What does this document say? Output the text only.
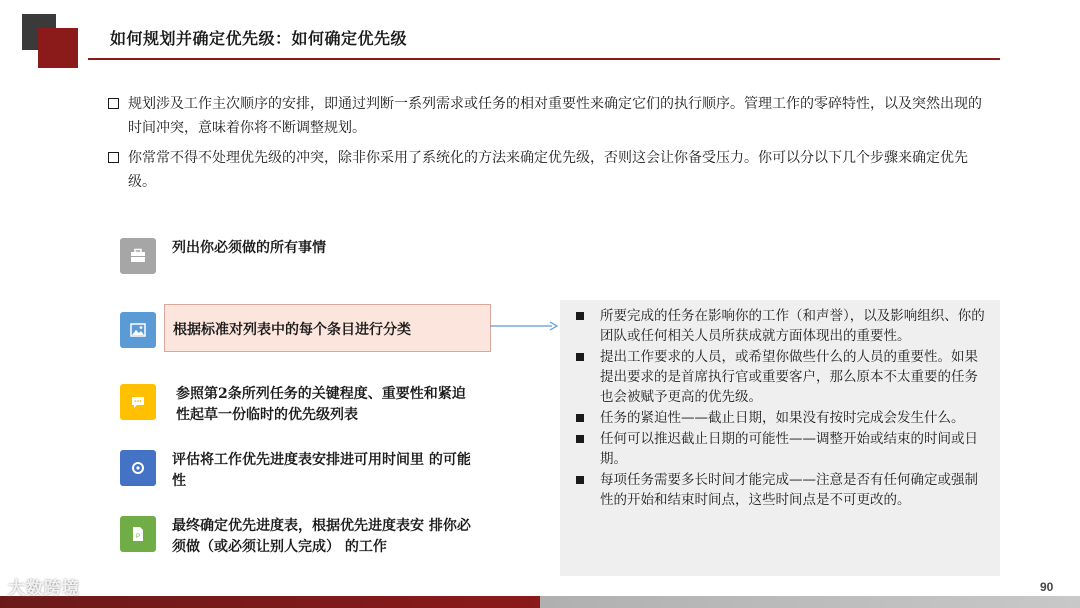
如何规划并确定优先级：如何确定优先级
规划涉及工作主次顺序的安排，即通过判断一系列需求或任务的相对重要性来确定它们的执行顺序。管理工作的零碎特性，以及突然出现的时间冲突，意味着你将不断调整规划。
你常常不得不处理优先级的冲突，除非你采用了系统化的方法来确定优先级，否则这会让你备受压力。你可以分以下几个步骤来确定优先级。
列出你必须做的所有事情
根据标准对列表中的每个条目进行分类
参照第2条所列任务的关键程度、重要性和紧迫性起草一份临时的优先级列表
评估将工作优先进度表安排进可用时间里 的可能性
P
最终确定优先进度表，根据优先进度表安 排你必须做（或必须让别人完成） 的工作
所要完成的任务在影响你的工作（和声誉），以及影响组织、你的团队或任何相关人员所获成就方面体现出的重要性。
提出工作要求的人员，或希望你做些什么的人员的重要性。如果提出要求的是首席执行官或重要客户，那么原本不太重要的任务也会被赋予更高的优先级。
任务的紧迫性——截止日期，如果没有按时完成会发生什么。
任何可以推迟截止日期的可能性——调整开始或结束的时间或日期。
每项任务需要多长时间才能完成——注意是否有任何确定或强制性的开始和结束时间点，这些时间点是不可更改的。
90
大数跨境
